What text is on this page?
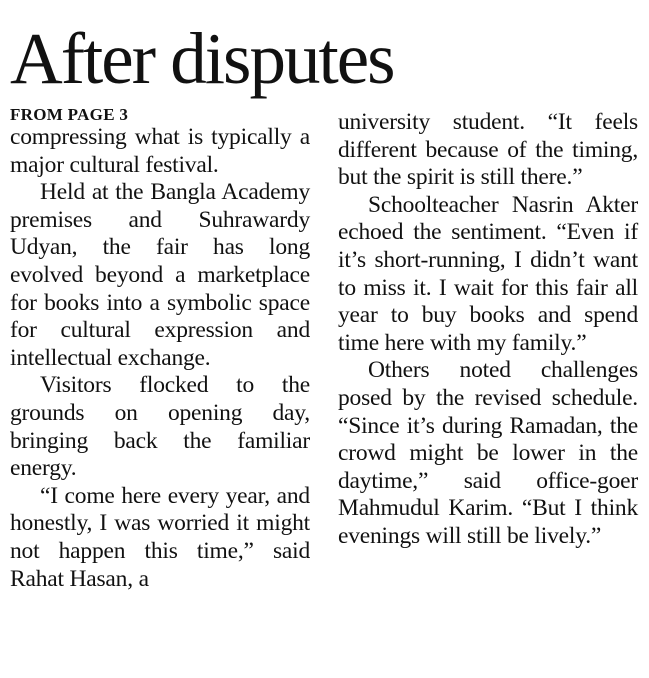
After disputes

FROM PAGE 3

compressing what is typically a major cultural festival.

Held at the Bangla Academy premises and Suhrawardy Udyan, the fair has long evolved beyond a marketplace for books into a symbolic space for cultural expression and intellectual exchange.

Visitors flocked to the grounds on opening day, bringing back the familiar energy.

“I come here every year, and honestly, I was worried it might not happen this time,” said Rahat Hasan, a

university student. “It feels different because of the timing, but the spirit is still there.”

Schoolteacher Nasrin Akter echoed the sentiment. “Even if it’s short-running, I didn’t want to miss it. I wait for this fair all year to buy books and spend time here with my family.”

Others noted challenges posed by the revised schedule. “Since it’s during Ramadan, the crowd might be lower in the daytime,” said office-goer Mahmudul Karim. “But I think evenings will still be lively.”
